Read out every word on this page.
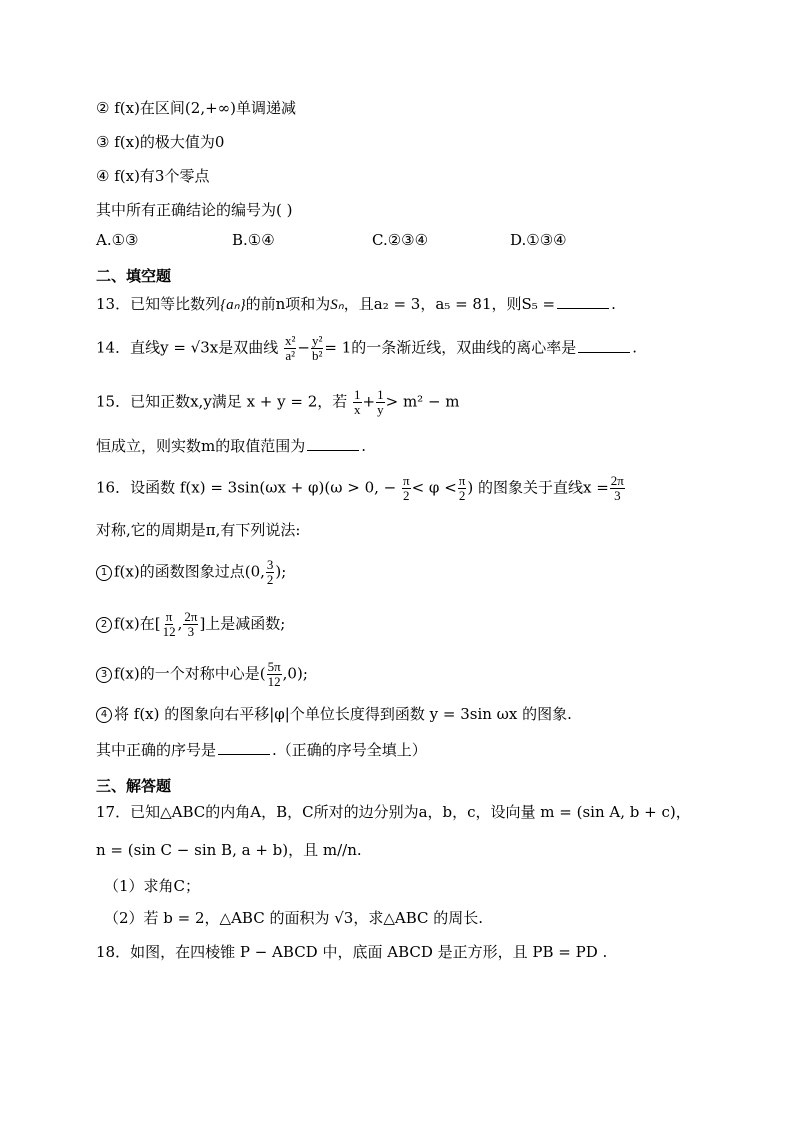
② f(x)在区间(2,+∞)单调递减
③ f(x)的极大值为0
④ f(x)有3个零点
其中所有正确结论的编号为( )
A.①③	B.①④	C.②③④	D.①③④
二、填空题
13．已知等比数列{aₙ}的前n项和为Sₙ，且a₂ = 3，a₅ = 81，则S₅ =	.
14．直线y = √3x是双曲线 $\frac{\text{x²}}{\text{a²}} - \frac{\text{y²}}{\text{b²}} = 1$的一条渐近线，双曲线的离心率是	.
15．已知正数x,y满足 x + y = 2，若 $\frac{1}{x} + \frac{1}{y} > m^2 - m$
恒成立，则实数m的取值范围为	.
16．设函数 f(x) = 3sin(ωx + φ)(ω > 0, − $\frac{\pi}{2} < \varphi < \frac{\pi}{2}$ ) 的图象关于直线$x = \frac{2\pi}{3}$
对称,它的周期是π,有下列说法:
1 f(x)的函数图象过点(0, $\frac{3}{2}$ );
2 f(x)在[ $\frac{\pi}{12}$ , $\frac{2\pi}{3}$ ]上是减函数;
3 f(x)的一个对称中心是( $\frac{5\pi}{12} ,0$);
4 将 f(x) 的图象向右平移|φ|个单位长度得到函数 y = 3sin ωx 的图象.
其中正确的序号是	.（正确的序号全填上）
三、解答题
17．已知△ABC的内角A，B，C所对的边分别为a，b，c，设向量 m = (sin A, b + c)，
n = (sin C − sin B, a + b)，且 m//n.
（1）求角C；
（2）若 b = 2，△ABC 的面积为 √3，求△ABC 的周长.
18．如图，在四棱锥 P − ABCD 中，底面 ABCD 是正方形，且 PB = PD .
